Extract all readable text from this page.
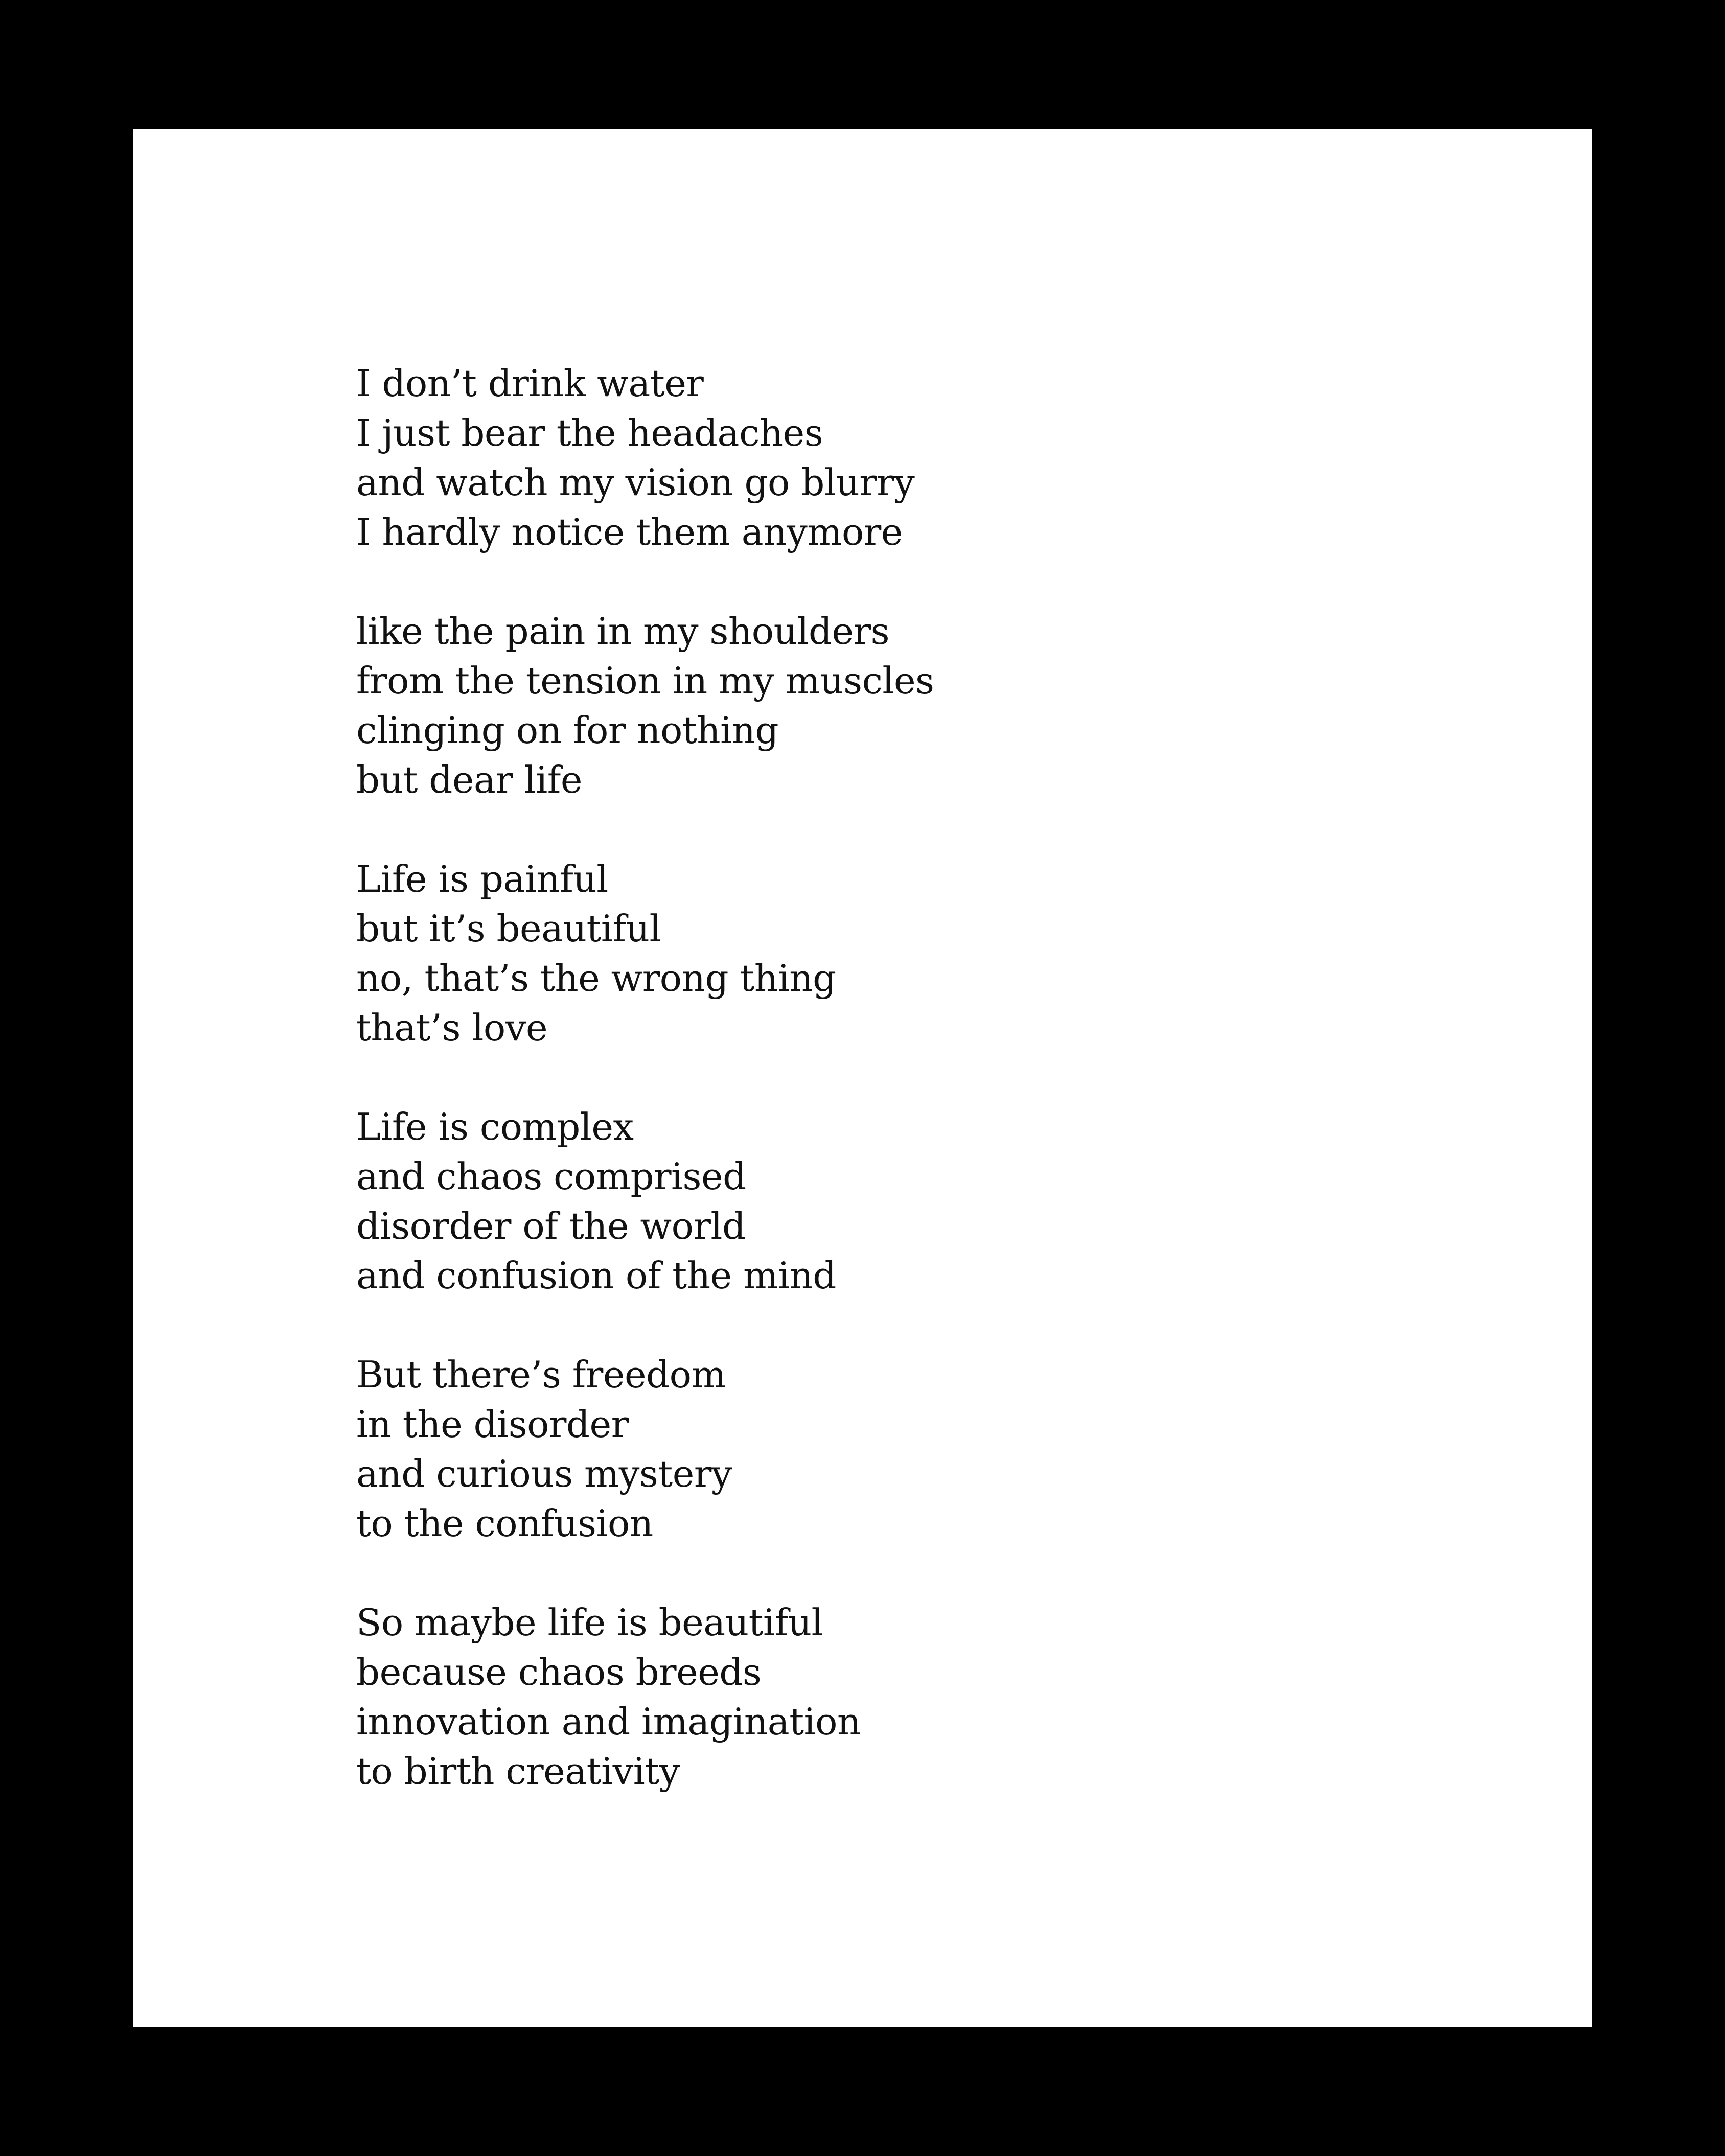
I don’t drink water
I just bear the headaches
and watch my vision go blurry
I hardly notice them anymore
like the pain in my shoulders
from the tension in my muscles
clinging on for nothing
but dear life
Life is painful
but it’s beautiful
no, that’s the wrong thing
that’s love
Life is complex
and chaos comprised
disorder of the world
and confusion of the mind
But there’s freedom
in the disorder
and curious mystery
to the confusion
So maybe life is beautiful
because chaos breeds
innovation and imagination
to birth creativity
